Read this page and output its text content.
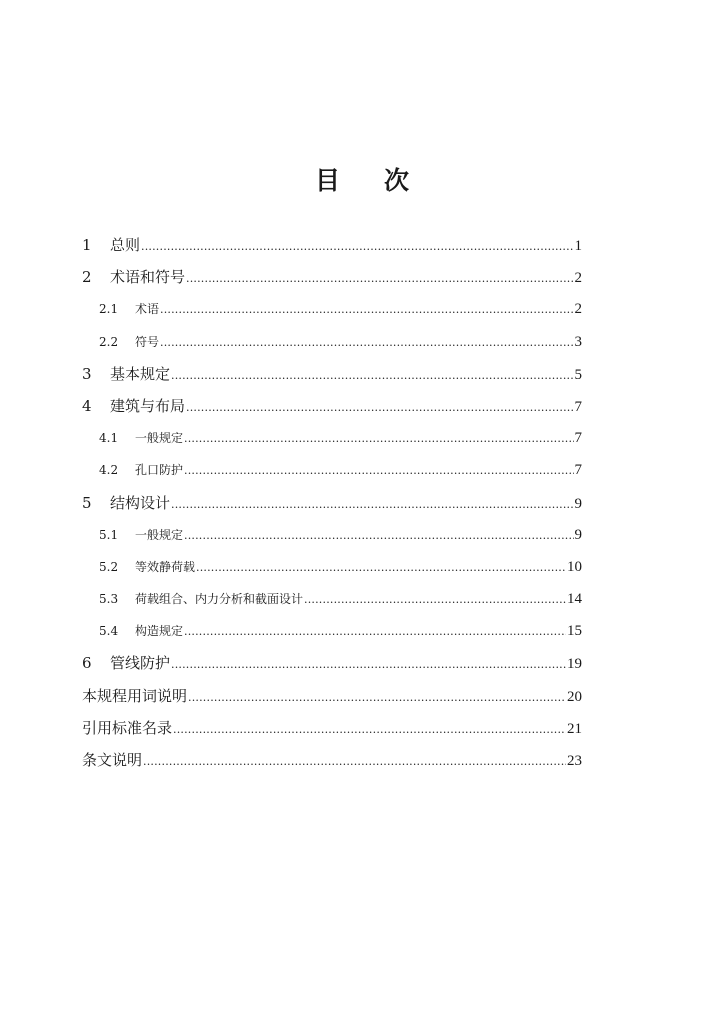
目 次
1	总则 .....	1
2	术语和符号 .....	2
2.1	术语 .....	2
2.2	符号 .....	3
3	基本规定 .....	5
4	建筑与布局 .....	7
4.1	一般规定 .....	7
4.2	孔口防护 .....	7
5	结构设计 .....	9
5.1	一般规定 .....	9
5.2	等效静荷载 .....	10
5.3	荷载组合、内力分析和截面设计 .....	14
5.4	构造规定 .....	15
6	管线防护 .....	19
本规程用词说明 .....	20
引用标准名录 .....	21
条文说明 .....	23
